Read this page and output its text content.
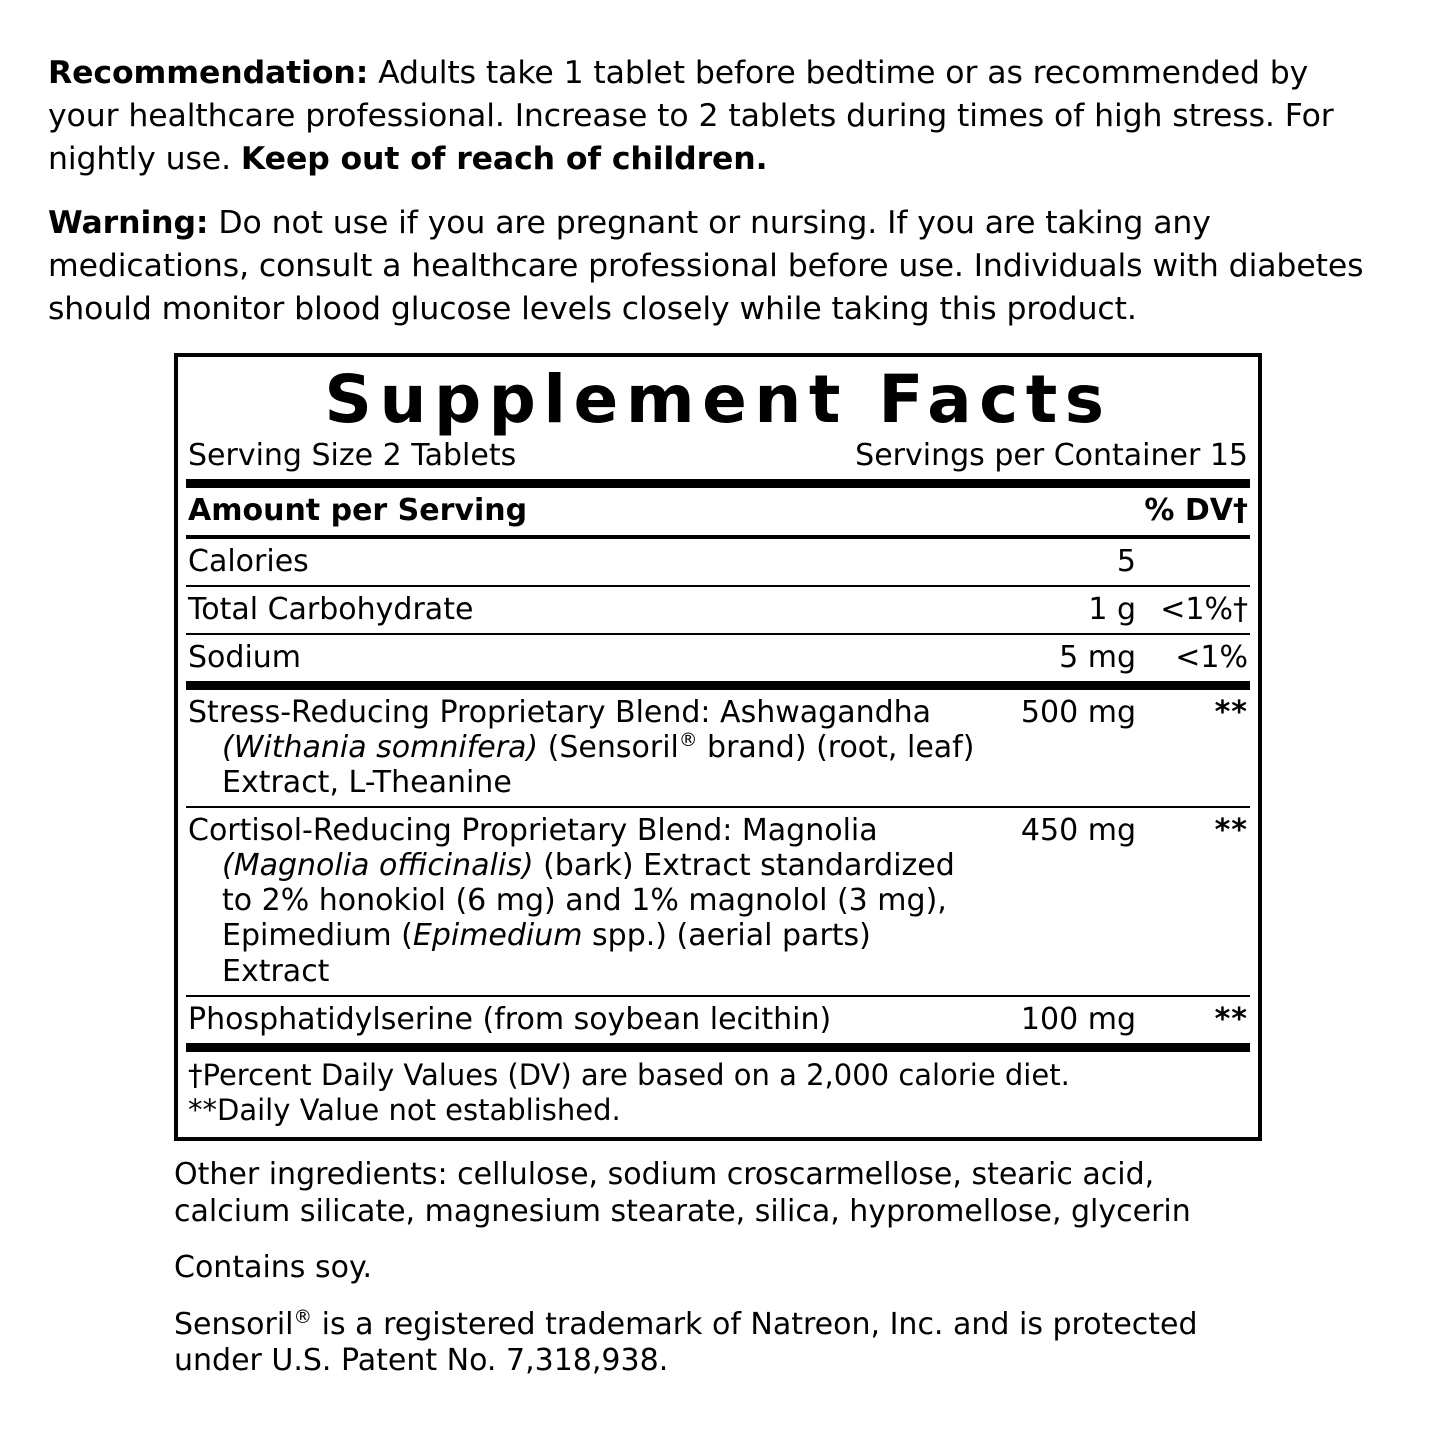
Recommendation: Adults take 1 tablet before bedtime or as recommended by your healthcare professional. Increase to 2 tablets during times of high stress. For nightly use. Keep out of reach of children.

Warning: Do not use if you are pregnant or nursing. If you are taking any medications, consult a healthcare professional before use. Individuals with diabetes should monitor blood glucose levels closely while taking this product.

Supplement Facts
Serving Size 2 Tablets	Servings per Container 15
Amount per Serving	% DV†
Calories	5
Total Carbohydrate	1 g <1%†
Sodium	5 mg	<1%
Stress-Reducing Proprietary Blend: Ashwagandha
(Withania somnifera) (Sensoril® brand) (root, leaf)
Extract, L-Theanine
500 mg	**
Cortisol-Reducing Proprietary Blend: Magnolia
(Magnolia officinalis) (bark) Extract standardized
to 2% honokiol (6 mg) and 1% magnolol (3 mg),
Epimedium (Epimedium spp.) (aerial parts) Extract
450 mg	**
Phosphatidylserine (from soybean lecithin)	100 mg	**
†Percent Daily Values (DV) are based on a 2,000 calorie diet.
**Daily Value not established.

Other ingredients: cellulose, sodium croscarmellose, stearic acid, calcium silicate, magnesium stearate, silica, hypromellose, glycerin

Contains soy.

Sensoril® is a registered trademark of Natreon, Inc. and is protected under U.S. Patent No. 7,318,938.
